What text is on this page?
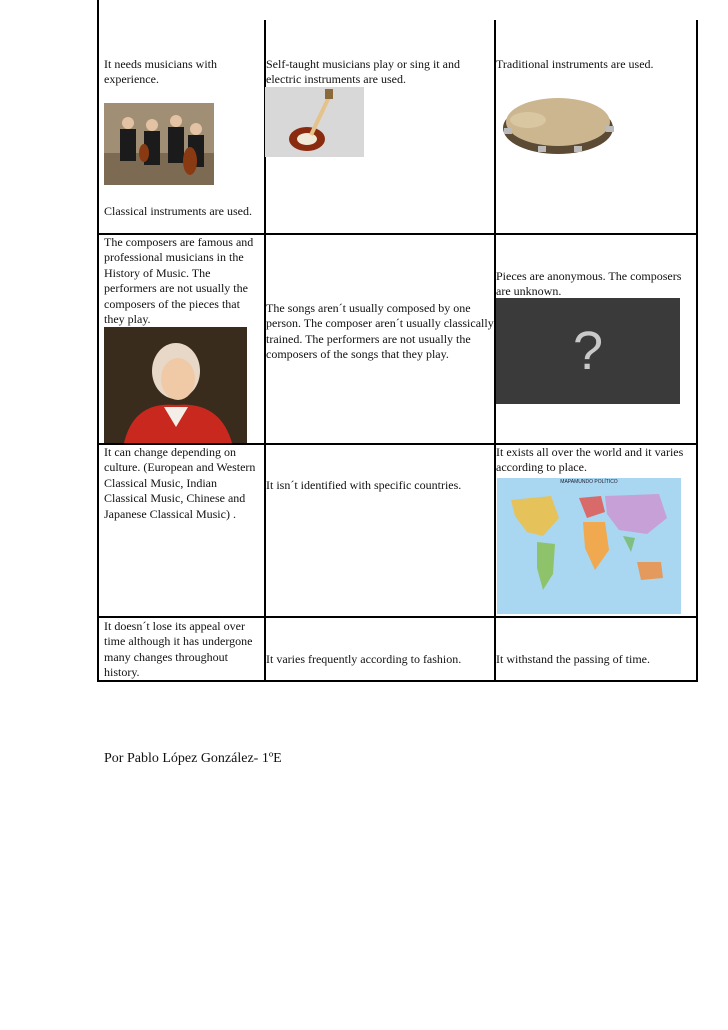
It needs musicians with experience.
Classical instruments are used.
Self-taught musicians play or sing it and electric instruments are used.
Traditional instruments are used.
The composers are famous and professional musicians in the History of Music. The performers are not usually the composers of the pieces that they play.
The songs aren´t usually composed by one person. The composer aren´t usually classically trained. The performers are not usually the composers of the songs that they play.
Pieces are anonymous. The composers are unknown.
?
It can change depending on culture. (European and Western Classical Music, Indian Classical Music, Chinese and Japanese Classical Music) .
It isn´t identified with specific countries.
It exists all over the world and it varies according to place.
MAPAMUNDO POLÍTICO
It doesn´t lose its appeal over time although it has undergone many changes throughout history.
It varies frequently according to fashion.	It withstand the passing of time.
Por Pablo López González- 1ºE
